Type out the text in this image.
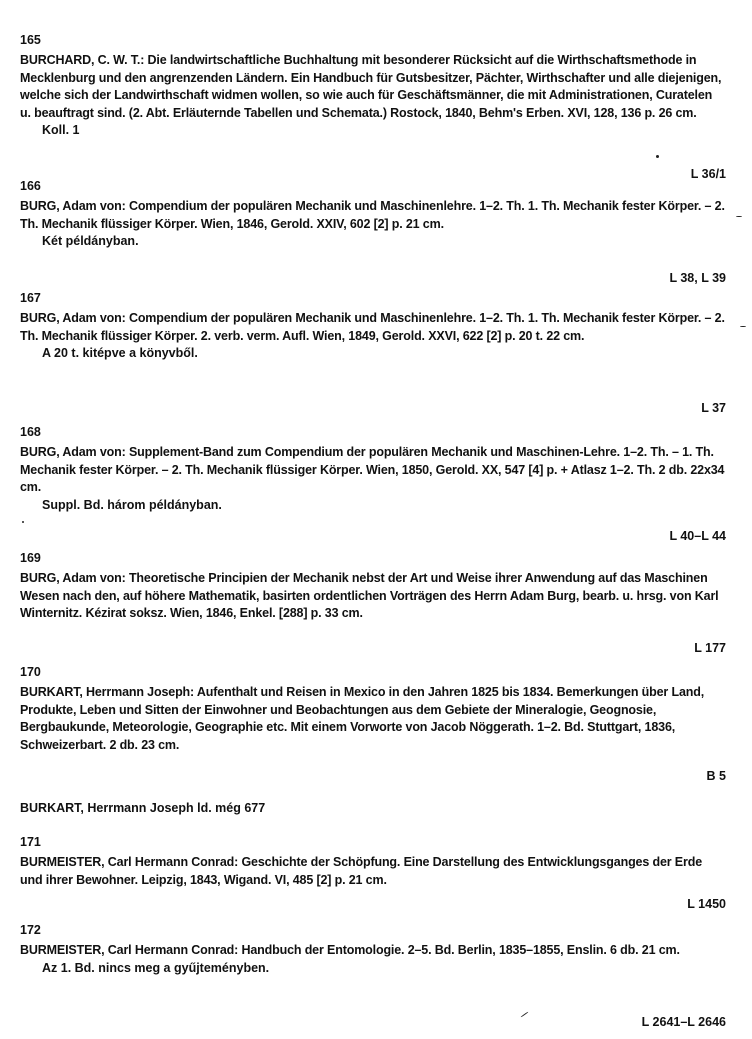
165
BURCHARD, C. W. T.: Die landwirtschaftliche Buchhaltung mit besonderer Rücksicht auf die Wirthschaftsmethode in Mecklenburg und den angrenzenden Ländern. Ein Handbuch für Gutsbesitzer, Pächter, Wirthschafter und alle diejenigen, welche sich der Landwirthschaft widmen wollen, so wie auch für Geschäftsmänner, die mit Administrationen, Curatelen u. beauftragt sind. (2. Abt. Erläuternde Tabellen und Schemata.) Rostock, 1840, Behm's Erben. XVI, 128, 136 p. 26 cm.
Koll. 1
L 36/1
166
BURG, Adam von: Compendium der populären Mechanik und Maschinenlehre. 1–2. Th. 1. Th. Mechanik fester Körper. – 2. Th. Mechanik flüssiger Körper. Wien, 1846, Gerold. XXIV, 602 [2] p. 21 cm.
Két példányban.
L 38, L 39
167
BURG, Adam von: Compendium der populären Mechanik und Maschinenlehre. 1–2. Th. 1. Th. Mechanik fester Körper. – 2. Th. Mechanik flüssiger Körper. 2. verb. verm. Aufl. Wien, 1849, Gerold. XXVI, 622 [2] p. 20 t. 22 cm.
A 20 t. kitépve a könyvből.
L 37
168
BURG, Adam von: Supplement-Band zum Compendium der populären Mechanik und Maschinen-Lehre. 1–2. Th. – 1. Th. Mechanik fester Körper. – 2. Th. Mechanik flüssiger Körper. Wien, 1850, Gerold. XX, 547 [4] p. + Atlasz 1–2. Th. 2 db. 22x34 cm.
Suppl. Bd. három példányban.
L 40–L 44
169
BURG, Adam von: Theoretische Principien der Mechanik nebst der Art und Weise ihrer Anwendung auf das Maschinen Wesen nach den, auf höhere Mathematik, basirten ordentlichen Vorträgen des Herrn Adam Burg, bearb. u. hrsg. von Karl Winternitz. Kézirat soksz. Wien, 1846, Enkel. [288] p. 33 cm.
L 177
170
BURKART, Herrmann Joseph: Aufenthalt und Reisen in Mexico in den Jahren 1825 bis 1834. Bemerkungen über Land, Produkte, Leben und Sitten der Einwohner und Beobachtungen aus dem Gebiete der Mineralogie, Geognosie, Bergbaukunde, Meteorologie, Geographie etc. Mit einem Vorworte von Jacob Nöggerath. 1–2. Bd. Stuttgart, 1836, Schweizerbart. 2 db. 23 cm.
B 5
BURKART, Herrmann Joseph ld. még 677
171
BURMEISTER, Carl Hermann Conrad: Geschichte der Schöpfung. Eine Darstellung des Entwicklungsganges der Erde und ihrer Bewohner. Leipzig, 1843, Wigand. VI, 485 [2] p. 21 cm.
L 1450
172
BURMEISTER, Carl Hermann Conrad: Handbuch der Entomologie. 2–5. Bd. Berlin, 1835–1855, Enslin. 6 db. 21 cm.
Az 1. Bd. nincs meg a gyűjteményben.
L 2641–L 2646
